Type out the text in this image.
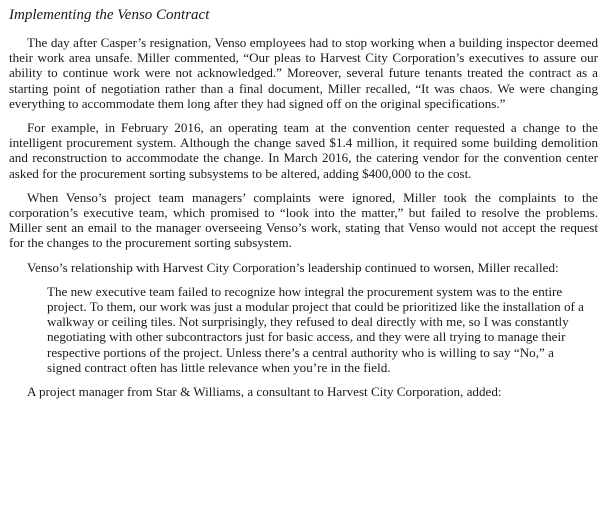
Implementing the Venso Contract

The day after Casper’s resignation, Venso employees had to stop working when a building inspector deemed their work area unsafe. Miller commented, “Our pleas to Harvest City Corporation’s executives to assure our ability to continue work were not acknowledged.” Moreover, several future tenants treated the contract as a starting point of negotiation rather than a final document, Miller recalled, “It was chaos. We were changing everything to accommodate them long after they had signed off on the original specifications.”

For example, in February 2016, an operating team at the convention center requested a change to the intelligent procurement system. Although the change saved $1.4 million, it required some building demolition and reconstruction to accommodate the change. In March 2016, the catering vendor for the convention center asked for the procurement sorting subsystems to be altered, adding $400,000 to the cost.

When Venso’s project team managers’ complaints were ignored, Miller took the complaints to the corporation’s executive team, which promised to “look into the matter,” but failed to resolve the problems. Miller sent an email to the manager overseeing Venso’s work, stating that Venso would not accept the request for the changes to the procurement sorting subsystem.

Venso’s relationship with Harvest City Corporation’s leadership continued to worsen, Miller recalled:

The new executive team failed to recognize how integral the procurement system was to the entire project. To them, our work was just a modular project that could be prioritized like the installation of a walkway or ceiling tiles. Not surprisingly, they refused to deal directly with me, so I was constantly negotiating with other subcontractors just for basic access, and they were all trying to manage their respective portions of the project. Unless there’s a central authority who is willing to say “No,” a signed contract often has little relevance when you’re in the field.

A project manager from Star & Williams, a consultant to Harvest City Corporation, added:
